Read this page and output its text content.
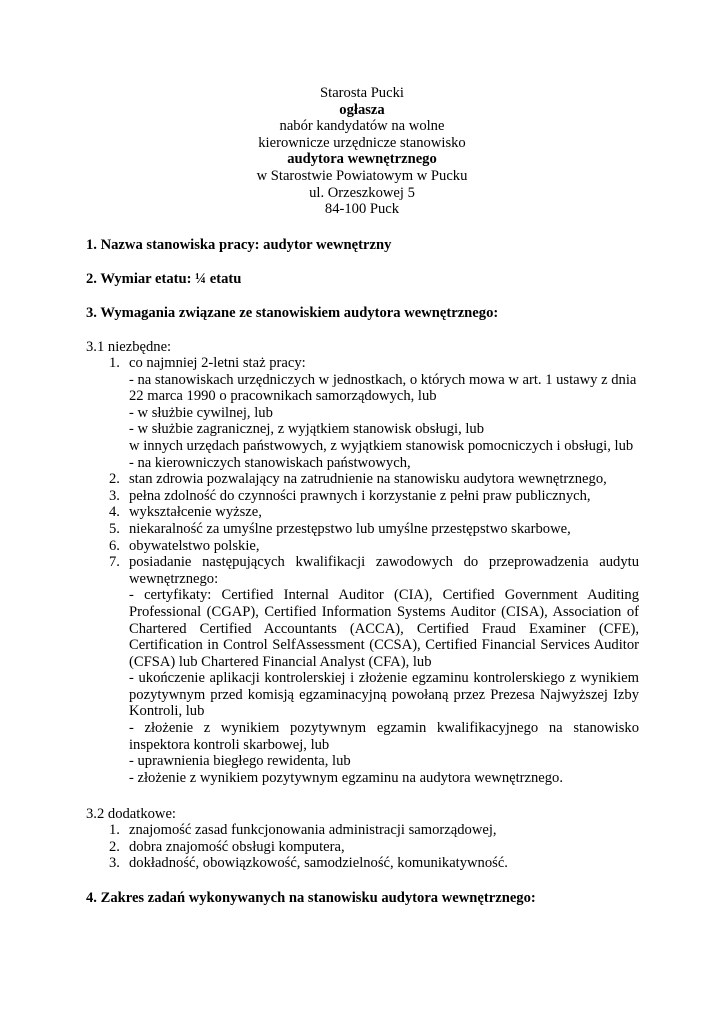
Starosta Pucki
ogłasza
nabór kandydatów na wolne
kierownicze urzędnicze stanowisko
audytora wewnętrznego
w Starostwie Powiatowym w Pucku
ul. Orzeszkowej 5
84-100 Puck
1. Nazwa stanowiska pracy: audytor wewnętrzny
2. Wymiar etatu: ¼ etatu
3. Wymagania związane ze stanowiskiem audytora wewnętrznego:
3.1 niezbędne:
1. co najmniej 2-letni staż pracy:
- na stanowiskach urzędniczych w jednostkach, o których mowa w art. 1 ustawy z dnia 22 marca 1990 o pracownikach samorządowych, lub
- w służbie cywilnej, lub
- w służbie zagranicznej, z wyjątkiem stanowisk obsługi, lub
w innych urzędach państwowych, z wyjątkiem stanowisk pomocniczych i obsługi, lub
- na kierowniczych stanowiskach państwowych,
2. stan zdrowia pozwalający na zatrudnienie na stanowisku audytora wewnętrznego,
3. pełna zdolność do czynności prawnych i korzystanie z pełni praw publicznych,
4. wykształcenie wyższe,
5. niekaralność za umyślne przestępstwo lub umyślne przestępstwo skarbowe,
6. obywatelstwo polskie,
7. posiadanie następujących kwalifikacji zawodowych do przeprowadzenia audytu wewnętrznego:
- certyfikaty: Certified Internal Auditor (CIA), Certified Government Auditing Professional (CGAP), Certified Information Systems Auditor (CISA), Association of Chartered Certified Accountants (ACCA), Certified Fraud Examiner (CFE), Certification in Control SelfAssessment (CCSA), Certified Financial Services Auditor (CFSA) lub Chartered Financial Analyst (CFA), lub
- ukończenie aplikacji kontrolerskiej i złożenie egzaminu kontrolerskiego z wynikiem pozytywnym przed komisją egzaminacyjną powołaną przez Prezesa Najwyższej Izby Kontroli, lub
- złożenie z wynikiem pozytywnym egzamin kwalifikacyjnego na stanowisko inspektora kontroli skarbowej, lub
- uprawnienia biegłego rewidenta, lub
- złożenie z wynikiem pozytywnym egzaminu na audytora wewnętrznego.
3.2 dodatkowe:
1. znajomość zasad funkcjonowania administracji samorządowej,
2. dobra znajomość obsługi komputera,
3. dokładność, obowiązkowość, samodzielność, komunikatywność.
4. Zakres zadań wykonywanych na stanowisku audytora wewnętrznego:
